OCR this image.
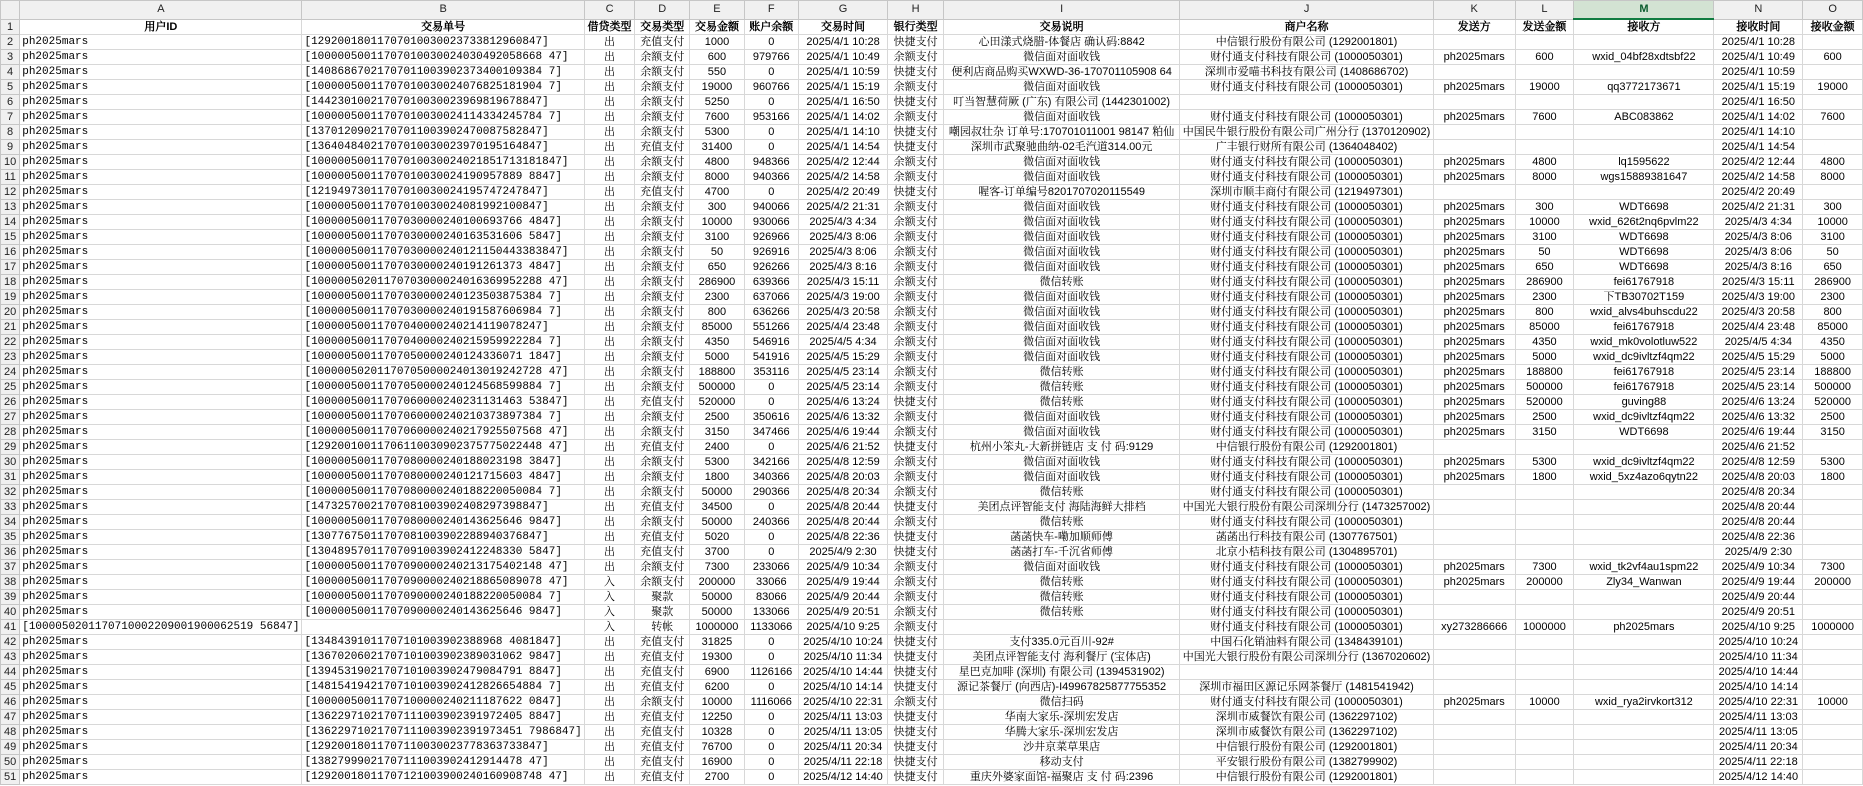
	A	B	C	D	E	F	G	H	I	J	K	L	M	N	O
1	用户ID	交易单号	借贷类型	交易类型	交易金额	账户余额	交易时间	银行类型	交易说明	商户名称	发送方	发送金额	接收方	接收时间	接收金额
2	ph2025mars	[12920018011707010030023733812960847]	出	充值支付	1000	0	2025/4/1 10:28	快捷支付	心田漾式烧腊-体餐店 确认码:8842	中信银行股份有限公司 (1292001801)				2025/4/1 10:28	
3	ph2025mars	[10000050011707010030024030492058668 47]	出	余额支付	600	979766	2025/4/1 10:49	余额支付	微信面对面收钱	财付通支付科技有限公司 (1000050301)	ph2025mars	600	wxid_04bf28xdtsbf22	2025/4/1 10:49	600
4	ph2025mars	[14086867021707011003902373400109384 7]	出	余额支付	550	0	2025/4/1 10:59	快捷支付	便利店商品购买WXWD-36-170701105908 64	深圳市爱喵书科技有限公司 (1408686702)				2025/4/1 10:59	
5	ph2025mars	[10000050011707010030024076825181904 7]	出	余额支付	19000	960766	2025/4/1 15:19	余额支付	微信面对面收钱	财付通支付科技有限公司 (1000050301)	ph2025mars	19000	qq3772173671	2025/4/1 15:19	19000
6	ph2025mars	[14423010021707010030023969819678847]	出	余额支付	5250	0	2025/4/1 16:50	快捷支付	叮当智慧荷厥 (广东) 有限公司 (1442301002)					2025/4/1 16:50	
7	ph2025mars	[10000050011707010030024114334245784 7]	出	余额支付	7600	953166	2025/4/1 14:02	余额支付	微信面对面收钱	财付通支付科技有限公司 (1000050301)	ph2025mars	7600	ABC083862	2025/4/1 14:02	7600
8	ph2025mars	[13701209021707011003902470087582847]	出	余额支付	5300	0	2025/4/1 14:10	快捷支付	嘲园叔壮杂 订单号:170701011001 98147 粕仙	中国民牛银行股份有限公司广州分行 (1370120902)				2025/4/1 14:10	
9	ph2025mars	[13640484021707010030023970195164847]	出	充值支付	31400	0	2025/4/1 14:54	快捷支付	深圳市武聚驰曲纳-02毛汽道314.00元	广丰银行财所有限公司 (1364048402)				2025/4/1 14:54	
10	ph2025mars	[10000050011707010030024021851713181847]	出	余额支付	4800	948366	2025/4/2 12:44	余额支付	微信面对面收钱	财付通支付科技有限公司 (1000050301)	ph2025mars	4800	lq1595622	2025/4/2 12:44	4800
11	ph2025mars	[10000050011707010030024190957889 8847]	出	余额支付	8000	940366	2025/4/2 14:58	余额支付	微信面对面收钱	财付通支付科技有限公司 (1000050301)	ph2025mars	8000	wgs15889381647	2025/4/2 14:58	8000
12	ph2025mars	[12194973011707010030024195747247847]	出	充值支付	4700	0	2025/4/2 20:49	快捷支付	喔客-订单编号8201707020115549	深圳市顺丰商付有限公司 (1219497301)				2025/4/2 20:49	
13	ph2025mars	[10000050011707010030024081992100847]	出	余额支付	300	940066	2025/4/2 21:31	余额支付	微信面对面收钱	财付通支付科技有限公司 (1000050301)	ph2025mars	300	WDT6698	2025/4/2 21:31	300
14	ph2025mars	[10000050011707030000240100693766 4847]	出	余额支付	10000	930066	2025/4/3 4:34	余额支付	微信面对面收钱	财付通支付科技有限公司 (1000050301)	ph2025mars	10000	wxid_626t2nq6pvlm22	2025/4/3 4:34	10000
15	ph2025mars	[10000050011707030000240163531606 5847]	出	余额支付	3100	926966	2025/4/3 8:06	余额支付	微信面对面收钱	财付通支付科技有限公司 (1000050301)	ph2025mars	3100	WDT6698	2025/4/3 8:06	3100
16	ph2025mars	[10000050011707030000240121150443383847]	出	余额支付	50	926916	2025/4/3 8:06	余额支付	微信面对面收钱	财付通支付科技有限公司 (1000050301)	ph2025mars	50	WDT6698	2025/4/3 8:06	50
17	ph2025mars	[10000050011707030000240191261373 4847]	出	余额支付	650	926266	2025/4/3 8:16	余额支付	微信面对面收钱	财付通支付科技有限公司 (1000050301)	ph2025mars	650	WDT6698	2025/4/3 8:16	650
18	ph2025mars	[10000050201170703000024016369952288 47]	出	余额支付	286900	639366	2025/4/3 15:11	余额支付	微信转账	财付通支付科技有限公司 (1000050301)	ph2025mars	286900	fei61767918	2025/4/3 15:11	286900
19	ph2025mars	[10000050011707030000240123503875384 7]	出	余额支付	2300	637066	2025/4/3 19:00	余额支付	微信面对面收钱	财付通支付科技有限公司 (1000050301)	ph2025mars	2300	下TB30702T159	2025/4/3 19:00	2300
20	ph2025mars	[10000050011707030000240191587606984 7]	出	余额支付	800	636266	2025/4/3 20:58	余额支付	微信面对面收钱	财付通支付科技有限公司 (1000050301)	ph2025mars	800	wxid_alvs4buhscdu22	2025/4/3 20:58	800
21	ph2025mars	[10000050011707040000240214119078247]	出	余额支付	85000	551266	2025/4/4 23:48	余额支付	微信面对面收钱	财付通支付科技有限公司 (1000050301)	ph2025mars	85000	fei61767918	2025/4/4 23:48	85000
22	ph2025mars	[10000050011707040000240215959922284 7]	出	余额支付	4350	546916	2025/4/5 4:34	余额支付	微信面对面收钱	财付通支付科技有限公司 (1000050301)	ph2025mars	4350	wxid_mk0volotluw522	2025/4/5 4:34	4350
23	ph2025mars	[10000050011707050000240124336071 1847]	出	余额支付	5000	541916	2025/4/5 15:29	余额支付	微信面对面收钱	财付通支付科技有限公司 (1000050301)	ph2025mars	5000	wxid_dc9ivltzf4qm22	2025/4/5 15:29	5000
24	ph2025mars	[10000050201170705000024013019242728 47]	出	余额支付	188800	353116	2025/4/5 23:14	余额支付	微信转账	财付通支付科技有限公司 (1000050301)	ph2025mars	188800	fei61767918	2025/4/5 23:14	188800
25	ph2025mars	[10000050011707050000240124568599884 7]	出	余额支付	500000	0	2025/4/5 23:14	余额支付	微信转账	财付通支付科技有限公司 (1000050301)	ph2025mars	500000	fei61767918	2025/4/5 23:14	500000
26	ph2025mars	[10000050011707060000240231131463 53847]	出	充值支付	520000	0	2025/4/6 13:24	快捷支付	微信转账	财付通支付科技有限公司 (1000050301)	ph2025mars	520000	guving88	2025/4/6 13:24	520000
27	ph2025mars	[10000050011707060000240210373897384 7]	出	余额支付	2500	350616	2025/4/6 13:32	余额支付	微信面对面收钱	财付通支付科技有限公司 (1000050301)	ph2025mars	2500	wxid_dc9ivltzf4qm22	2025/4/6 13:32	2500
28	ph2025mars	[10000050011707060000240217925507568 47]	出	余额支付	3150	347466	2025/4/6 19:44	余额支付	微信面对面收钱	财付通支付科技有限公司 (1000050301)	ph2025mars	3150	WDT6698	2025/4/6 19:44	3150
29	ph2025mars	[12920010011706110030902375775022448 47]	出	充值支付	2400	0	2025/4/6 21:52	快捷支付	杭州小笨丸-大新拼链店 支 付 码:9129	中信银行股份有限公司 (1292001801)				2025/4/6 21:52	
30	ph2025mars	[10000050011707080000240188023198 3847]	出	余额支付	5300	342166	2025/4/8 12:59	余额支付	微信面对面收钱	财付通支付科技有限公司 (1000050301)	ph2025mars	5300	wxid_dc9ivltzf4qm22	2025/4/8 12:59	5300
31	ph2025mars	[10000050011707080000240121715603 4847]	出	余额支付	1800	340366	2025/4/8 20:03	余额支付	微信面对面收钱	财付通支付科技有限公司 (1000050301)	ph2025mars	1800	wxid_5xz4azo6qytn22	2025/4/8 20:03	1800
32	ph2025mars	[10000050011707080000240188220050084 7]	出	余额支付	50000	290366	2025/4/8 20:34	余额支付	微信转账	财付通支付科技有限公司 (1000050301)				2025/4/8 20:34	
33	ph2025mars	[14732570021707081003902408297398847]	出	充值支付	34500	0	2025/4/8 20:44	快捷支付	美团点评智能支付 海陆海鲜大排档	中国光大银行股份有限公司深圳分行 (1473257002)				2025/4/8 20:44	
34	ph2025mars	[10000050011707080000240143625646 9847]	出	余额支付	50000	240366	2025/4/8 20:44	余额支付	微信转账	财付通支付科技有限公司 (1000050301)				2025/4/8 20:44	
35	ph2025mars	[13077675011707081003902288940376847]	出	充值支付	5020	0	2025/4/8 22:36	快捷支付	菡菡快车-嘞加顺师傅	菡菡出行科技有限公司 (1307767501)				2025/4/8 22:36	
36	ph2025mars	[13048957011707091003902412248330 5847]	出	充值支付	3700	0	2025/4/9 2:30	快捷支付	菡菡打车-千沉省师傅	北京小桔科技有限公司 (1304895701)				2025/4/9 2:30	
37	ph2025mars	[10000050011707090000240213175402148 47]	出	余额支付	7300	233066	2025/4/9 10:34	余额支付	微信面对面收钱	财付通支付科技有限公司 (1000050301)	ph2025mars	7300	wxid_tk2vf4au1spm22	2025/4/9 10:34	7300
38	ph2025mars	[10000050011707090000240218865089078 47]	入	余额支付	200000	33066	2025/4/9 19:44	余额支付	微信转账	财付通支付科技有限公司 (1000050301)	ph2025mars	200000	Zly34_Wanwan	2025/4/9 19:44	200000
39	ph2025mars	[10000050011707090000240188220050084 7]	入	聚款	50000	83066	2025/4/9 20:44	余额支付	微信转账	财付通支付科技有限公司 (1000050301)				2025/4/9 20:44	
40	ph2025mars	[10000050011707090000240143625646 9847]	入	聚款	50000	133066	2025/4/9 20:51	余额支付	微信转账	财付通支付科技有限公司 (1000050301)				2025/4/9 20:51	
41	[1000050201170710002209001900062519 56847]		入	转帐	1000000	1133066	2025/4/10 9:25	余额支付		财付通支付科技有限公司 (1000050301)	xy273286666	1000000	ph2025mars	2025/4/10 9:25	1000000
42	ph2025mars	[13484391011707101003902388968 4081847]	出	充值支付	31825	0	2025/4/10 10:24	快捷支付	支付335.0元百川-92#	中国石化销油料有限公司 (1348439101)				2025/4/10 10:24	
43	ph2025mars	[13670206021707101003902389031062 9847]	出	充值支付	19300	0	2025/4/10 11:34	快捷支付	美团点评智能支付 海利餐厅 (宝体店)	中国光大银行股份有限公司深圳分行 (1367020602)				2025/4/10 11:34	
44	ph2025mars	[13945319021707101003902479084791 8847]	出	充值支付	6900	1126166	2025/4/10 14:44	快捷支付	星巴克加啡 (深圳) 有限公司 (1394531902)					2025/4/10 14:44	
45	ph2025mars	[14815419421707101003902412826654884 7]	出	充值支付	6200	0	2025/4/10 14:14	快捷支付	源记茶餐厅 (向西店)-I49967825877755352	深圳市福田区源记乐网茶餐厅 (1481541942)				2025/4/10 14:14	
46	ph2025mars	[10000050011707100000240211187622 0847]	出	余额支付	10000	1116066	2025/4/10 22:31	余额支付	微信扫码	财付通支付科技有限公司 (1000050301)	ph2025mars	10000	wxid_rya2irvkort312	2025/4/10 22:31	10000
47	ph2025mars	[13622971021707111003902391972405 8847]	出	充值支付	12250	0	2025/4/11 13:03	快捷支付	华南大家乐-深圳宏发店	深圳市威餐饮有限公司 (1362297102)				2025/4/11 13:03	
48	ph2025mars	[13622971021707111003902391973451 7986847]	出	充值支付	10328	0	2025/4/11 13:05	快捷支付	华腾大家乐-深圳宏发店	深圳市威餐饮有限公司 (1362297102)				2025/4/11 13:05	
49	ph2025mars	[12920018011707110030023778363733847]	出	充值支付	76700	0	2025/4/11 20:34	快捷支付	沙井京菜草果店	中信银行股份有限公司 (1292001801)				2025/4/11 20:34	
50	ph2025mars	[13827999021707111003902412914478 47]	出	充值支付	16900	0	2025/4/11 22:18	快捷支付	移动支付	平安银行股份有限公司 (1382799902)				2025/4/11 22:18	
51	ph2025mars	[12920018011707121003900240160908748 47]	出	充值支付	2700	0	2025/4/12 14:40	快捷支付	重庆外婆家面馆-福聚店 支 付 码:2396	中信银行股份有限公司 (1292001801)				2025/4/12 14:40	
